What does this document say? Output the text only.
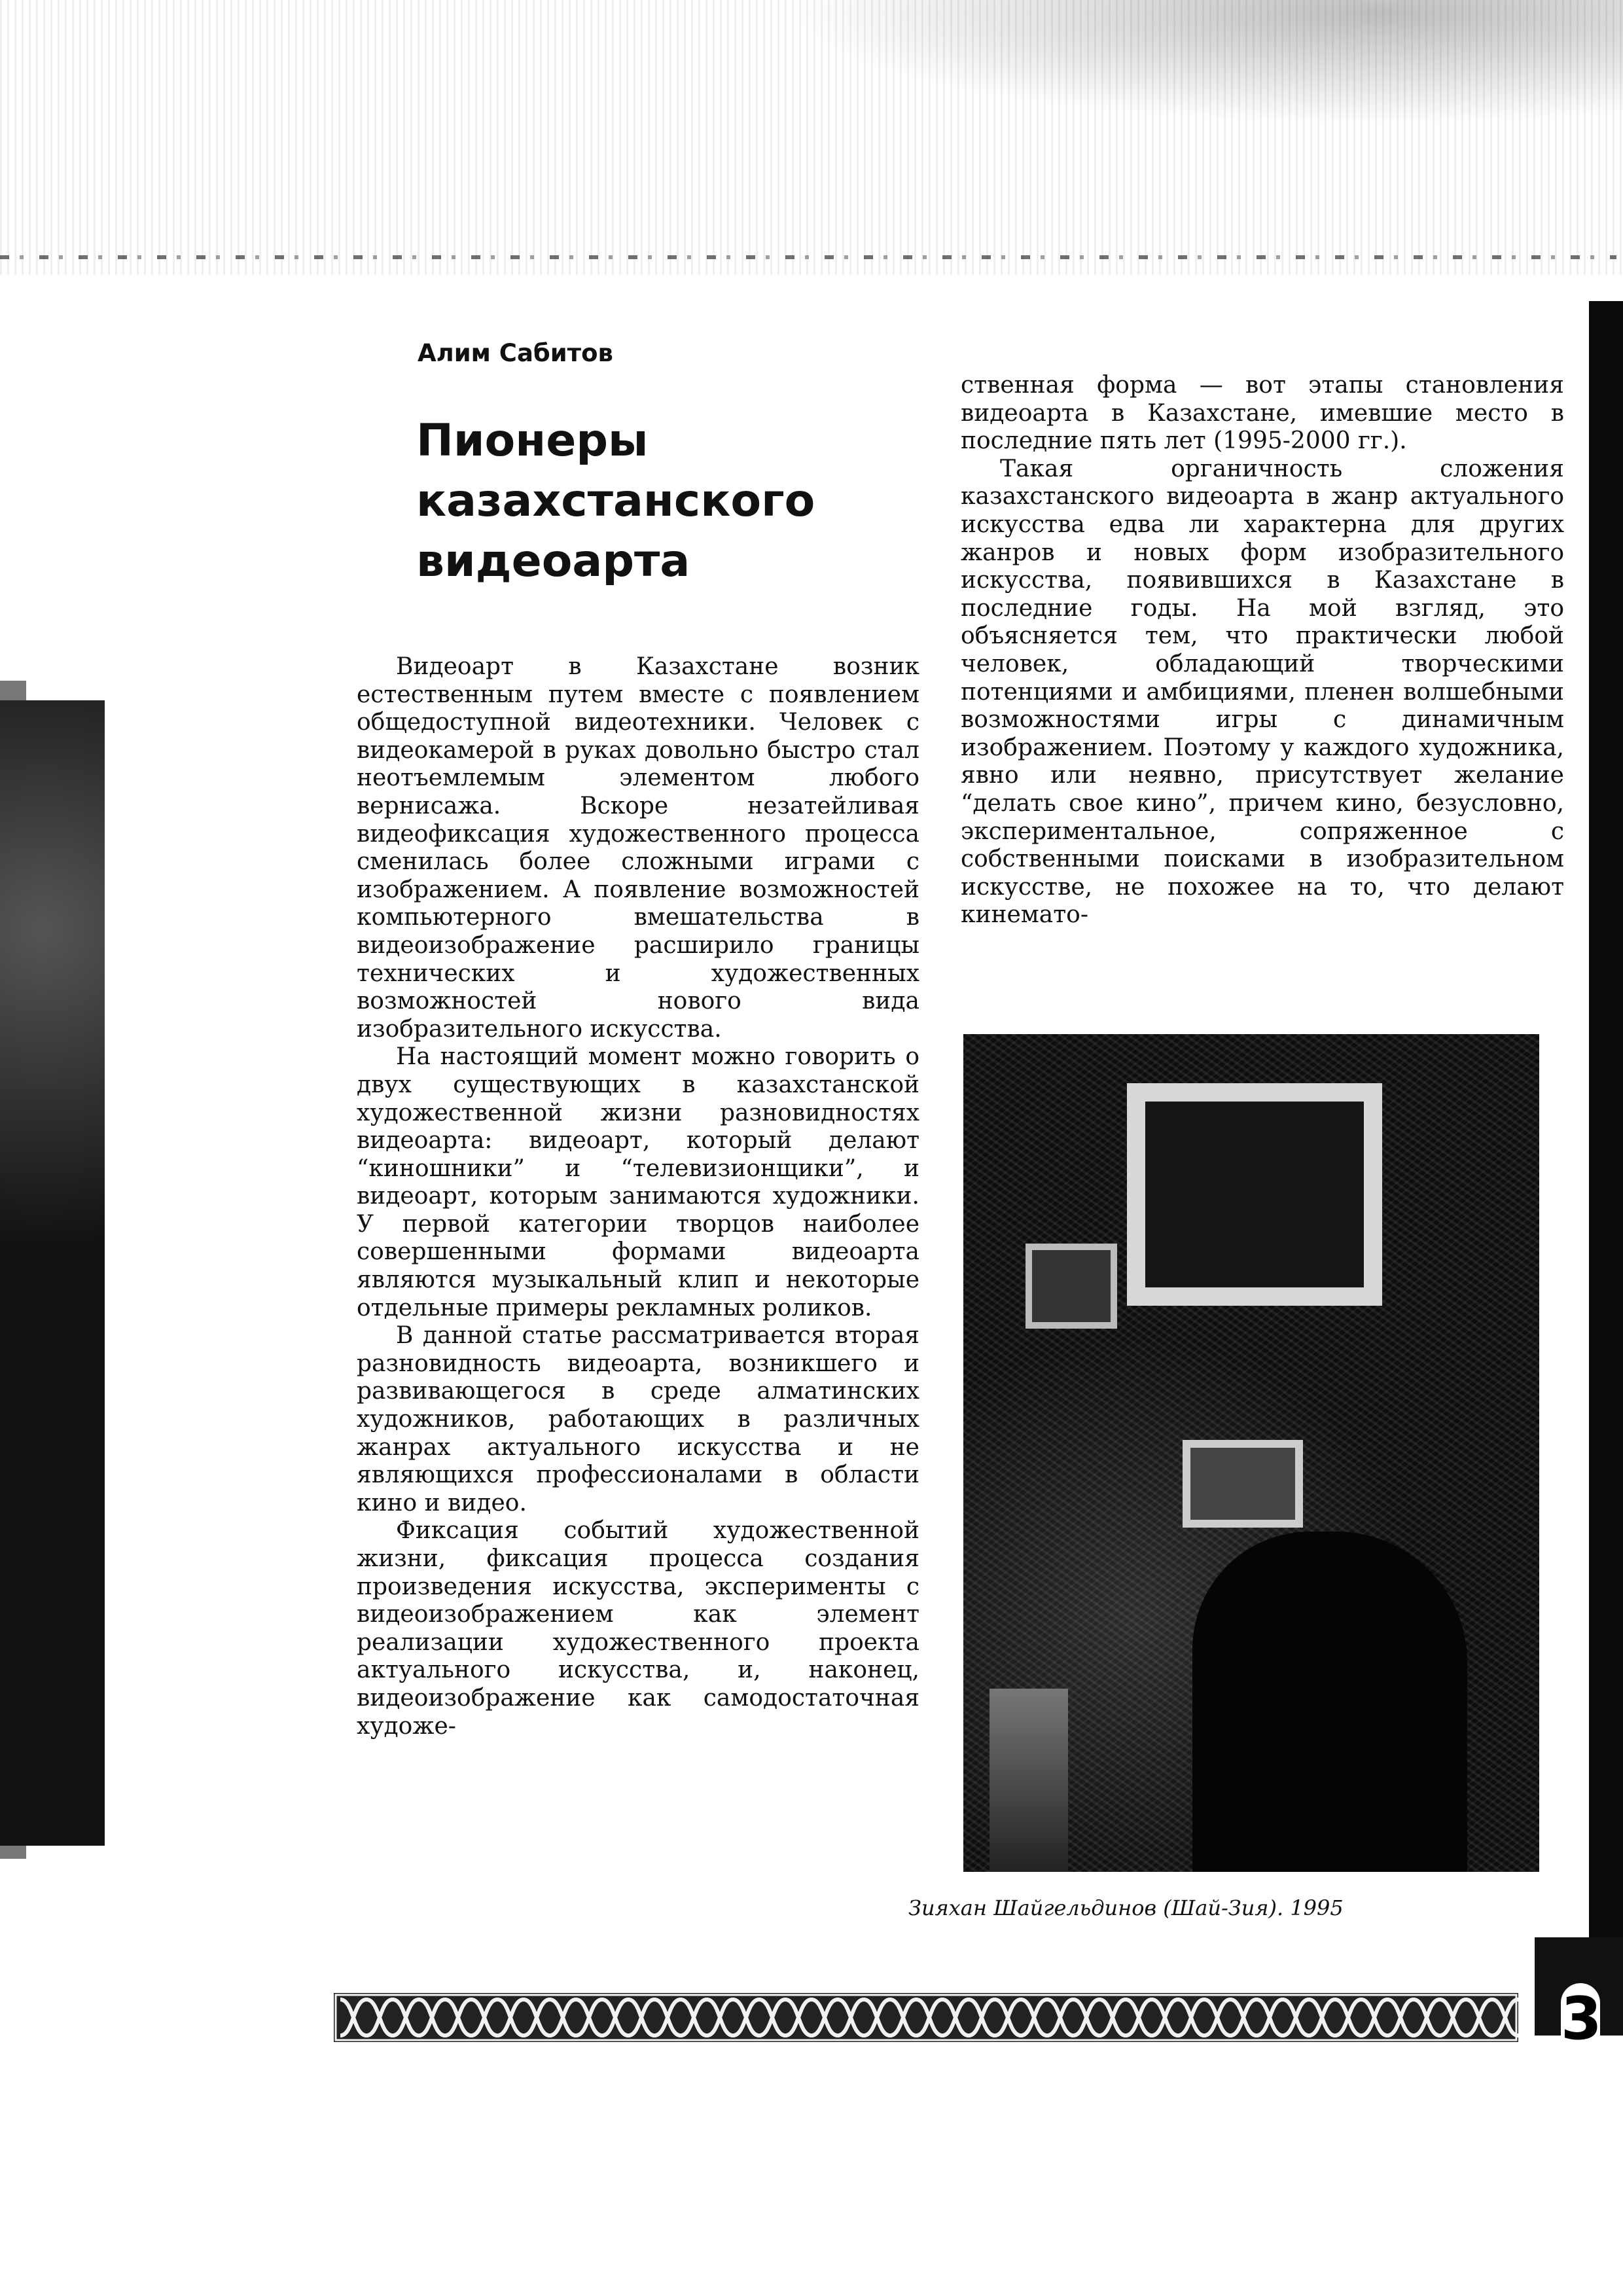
3
Алим Сабитов
Пионеры
казахстанского
видеоарта

Видеоарт в Казахстане возник естественным путем вместе с появлением общедоступной видеотехники. Человек с видеокамерой в руках довольно быстро стал неотъемлемым элементом любого вернисажа. Вскоре незатейливая видеофиксация художественного процесса сменилась более сложными играми с изображением. А появление возможностей компьютерного вмешательства в видеоизображение расширило границы технических и художественных возможностей нового вида изобразительного искусства.

На настоящий момент можно говорить о двух существующих в казахстанской художественной жизни разновидностях видеоарта: видеоарт, который делают “киношники” и “телевизионщики”, и видеоарт, которым занимаются художники. У первой категории творцов наиболее совершенными формами видеоарта являются музыкальный клип и некоторые отдельные примеры рекламных роликов.

В данной статье рассматривается вторая разновидность видеоарта, возникшего и развивающегося в среде алматинских художников, работающих в различных жанрах актуального искусства и не являющихся профессионалами в области кино и видео.

Фиксация событий художественной жизни, фиксация процесса создания произведения искусства, эксперименты с видеоизображением как элемент реализации художественного проекта актуального искусства, и, наконец, видеоизображение как самодостаточная художе-

ственная форма — вот этапы становления видеоарта в Казахстане, имевшие место в последние пять лет (1995-2000 гг.).

Такая органичность сложения казахстанского видеоарта в жанр актуального искусства едва ли характерна для других жанров и новых форм изобразительного искусства, появившихся в Казахстане в последние годы. На мой взгляд, это объясняется тем, что практически любой человек, обладающий творческими потенциями и амбициями, пленен волшебными возможностями игры с динамичным изображением. Поэтому у каждого художника, явно или неявно, присутствует желание “делать свое кино”, причем кино, безусловно, экспериментальное, сопряженное с собственными поисками в изобразительном искусстве, не похожее на то, что делают кинемато-

Зияхан Шайгельдинов (Шай-Зия). 1995
